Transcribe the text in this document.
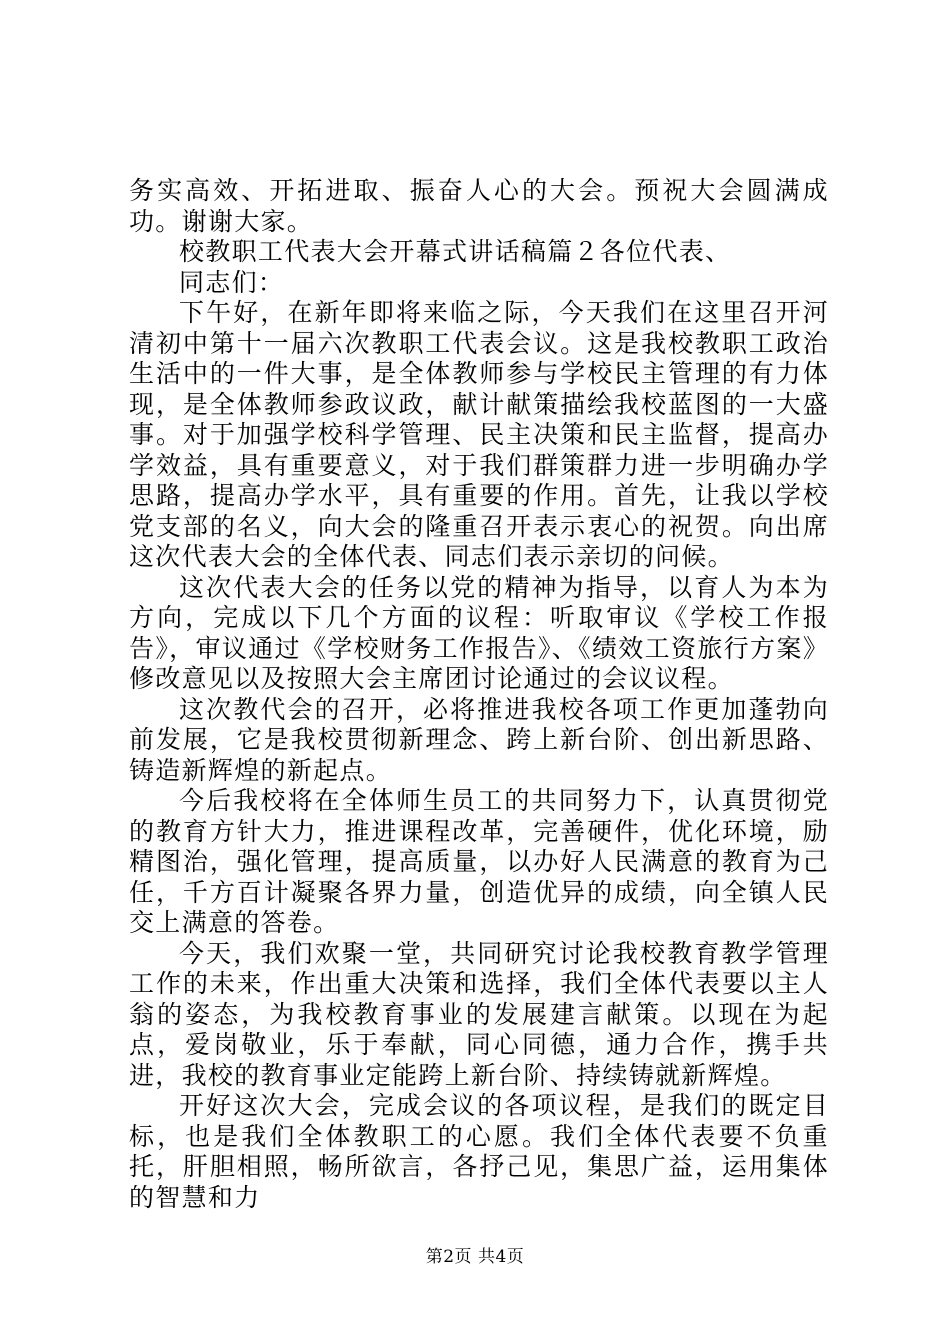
务实高效、开拓进取、振奋人心的大会。预祝大会圆满成功。谢谢大家。

校教职工代表大会开幕式讲话稿篇２各位代表、

同志们：

下午好，在新年即将来临之际，今天我们在这里召开河清初中第十一届六次教职工代表会议。这是我校教职工政治生活中的一件大事，是全体教师参与学校民主管理的有力体现，是全体教师参政议政，献计献策描绘我校蓝图的一大盛事。对于加强学校科学管理、民主决策和民主监督，提高办学效益，具有重要意义，对于我们群策群力进一步明确办学思路，提高办学水平，具有重要的作用。首先，让我以学校党支部的名义，向大会的隆重召开表示衷心的祝贺。向出席这次代表大会的全体代表、同志们表示亲切的问候。

这次代表大会的任务以党的精神为指导，以育人为本为方向，完成以下几个方面的议程：听取审议《学校工作报告》，审议通过《学校财务工作报告》、《绩效工资旅行方案》修改意见以及按照大会主席团讨论通过的会议议程。

这次教代会的召开，必将推进我校各项工作更加蓬勃向前发展，它是我校贯彻新理念、跨上新台阶、创出新思路、铸造新辉煌的新起点。

今后我校将在全体师生员工的共同努力下，认真贯彻党的教育方针大力，推进课程改革，完善硬件，优化环境，励精图治，强化管理，提高质量，以办好人民满意的教育为己任，千方百计凝聚各界力量，创造优异的成绩，向全镇人民交上满意的答卷。

今天，我们欢聚一堂，共同研究讨论我校教育教学管理工作的未来，作出重大决策和选择，我们全体代表要以主人翁的姿态，为我校教育事业的发展建言献策。以现在为起点，爱岗敬业，乐于奉献，同心同德，通力合作，携手共进，我校的教育事业定能跨上新台阶、持续铸就新辉煌。

开好这次大会，完成会议的各项议程，是我们的既定目标，也是我们全体教职工的心愿。我们全体代表要不负重托，肝胆相照，畅所欲言，各抒己见，集思广益，运用集体的智慧和力

第2页 共4页
